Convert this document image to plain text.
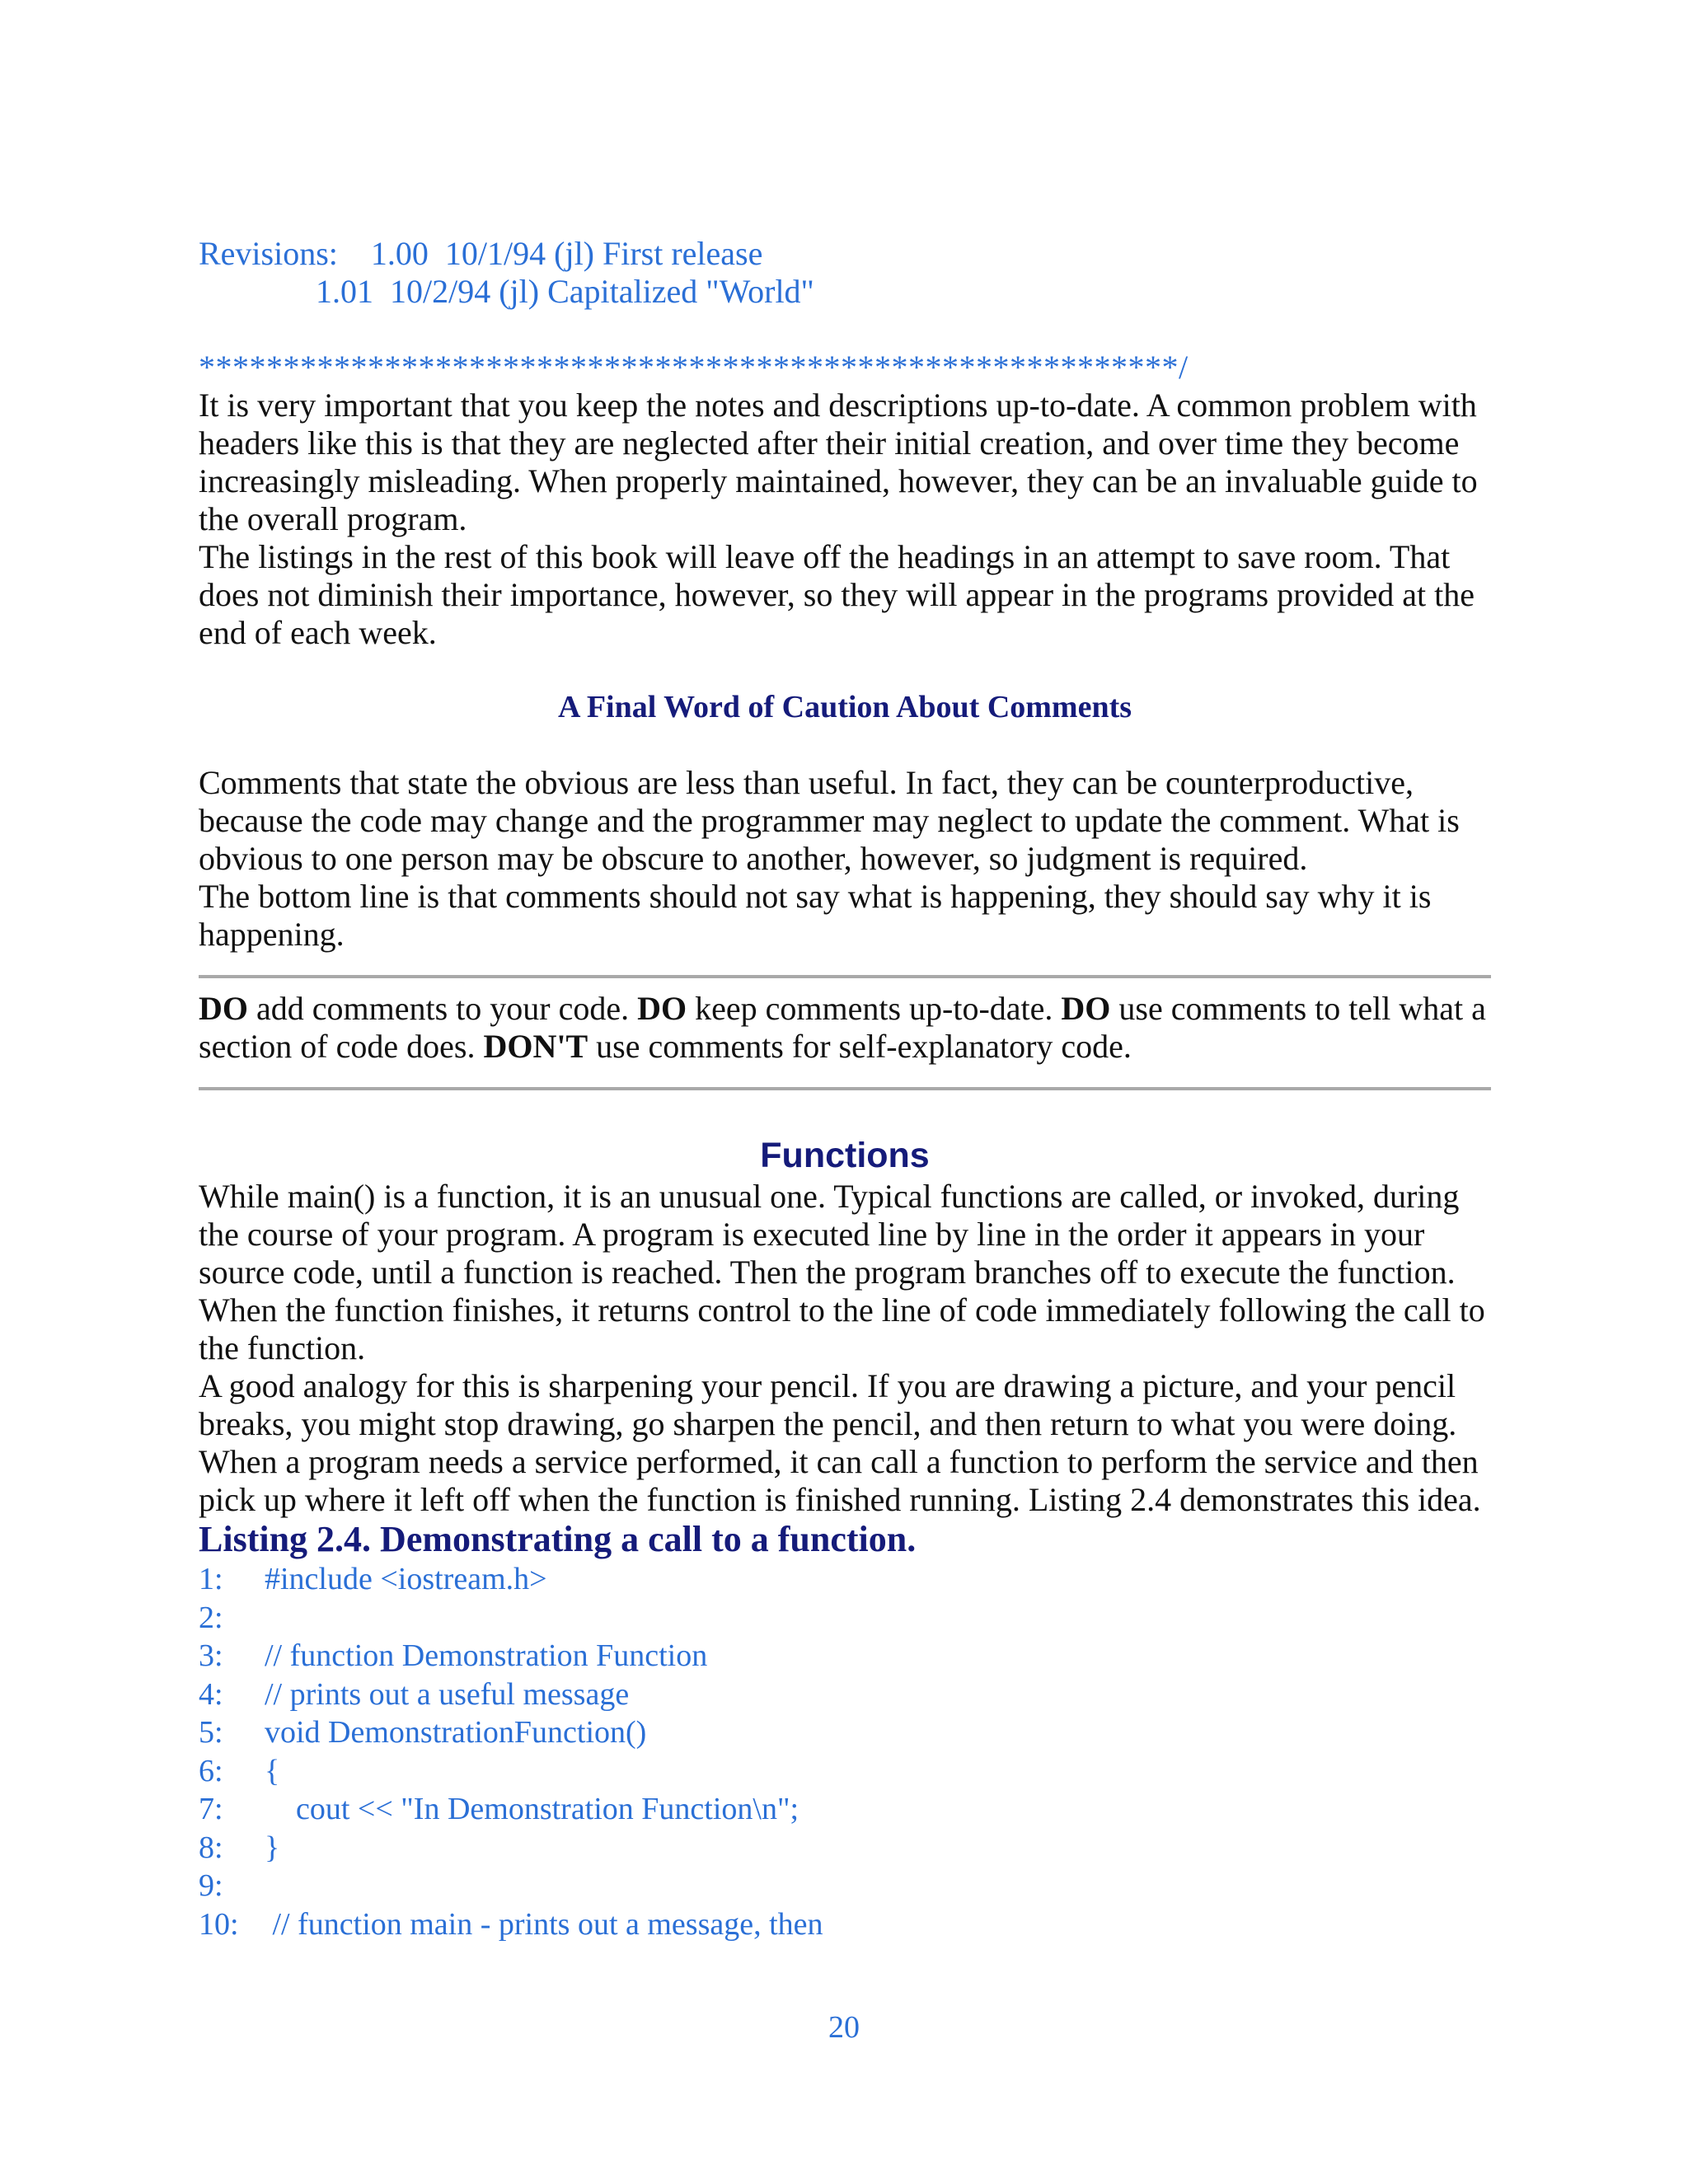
Revisions: 1.00  10/1/94 (jl) First release
1.01  10/2/94 (jl) Capitalized "World"
**********************************************************/

It is very important that you keep the notes and descriptions up-to-date. A common problem with headers like this is that they are neglected after their initial creation, and over time they become increasingly misleading. When properly maintained, however, they can be an invaluable guide to the overall program.

The listings in the rest of this book will leave off the headings in an attempt to save room. That does not diminish their importance, however, so they will appear in the programs provided at the end of each week.

A Final Word of Caution About Comments

Comments that state the obvious are less than useful. In fact, they can be counterproductive, because the code may change and the programmer may neglect to update the comment. What is obvious to one person may be obscure to another, however, so judgment is required.

The bottom line is that comments should not say what is happening, they should say why it is happening.

DO add comments to your code. DO keep comments up-to-date. DO use comments to tell what a section of code does. DON'T use comments for self-explanatory code.

Functions

While main() is a function, it is an unusual one. Typical functions are called, or invoked, during the course of your program. A program is executed line by line in the order it appears in your source code, until a function is reached. Then the program branches off to execute the function. When the function finishes, it returns control to the line of code immediately following the call to the function.

A good analogy for this is sharpening your pencil. If you are drawing a picture, and your pencil breaks, you might stop drawing, go sharpen the pencil, and then return to what you were doing. When a program needs a service performed, it can call a function to perform the service and then pick up where it left off when the function is finished running. Listing 2.4 demonstrates this idea.

Listing 2.4. Demonstrating a call to a function.
1:	#include <iostream.h>
2:
3:	// function Demonstration Function
4:	// prints out a useful message
5:	void DemonstrationFunction()
6:	{
7:	cout << "In Demonstration Function\n";
8:	}
9:
10: // function main - prints out a message, then
20
